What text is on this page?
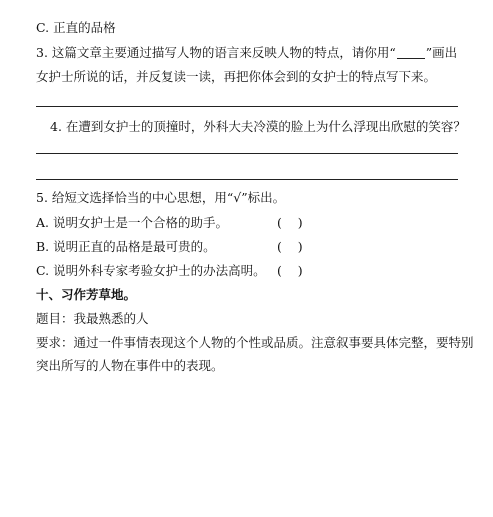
C. 正直的品格
3. 这篇文章主要通过描写人物的语言来反映人物的特点，请你用“ ”画出
女护士所说的话，并反复读一读，再把你体会到的女护士的特点写下来。
4. 在遭到女护士的顶撞时，外科大夫冷漠的脸上为什么浮现出欣慰的笑容？
5. 给短文选择恰当的中心思想，用“√”标出。
A. 说明女护士是一个合格的助手。	(    )
B. 说明正直的品格是最可贵的。	(    )
C. 说明外科专家考验女护士的办法高明。 (    )
十、习作芳草地。
题目：我最熟悉的人
要求：通过一件事情表现这个人物的个性或品质。注意叙事要具体完整，要特别
突出所写的人物在事件中的表现。
